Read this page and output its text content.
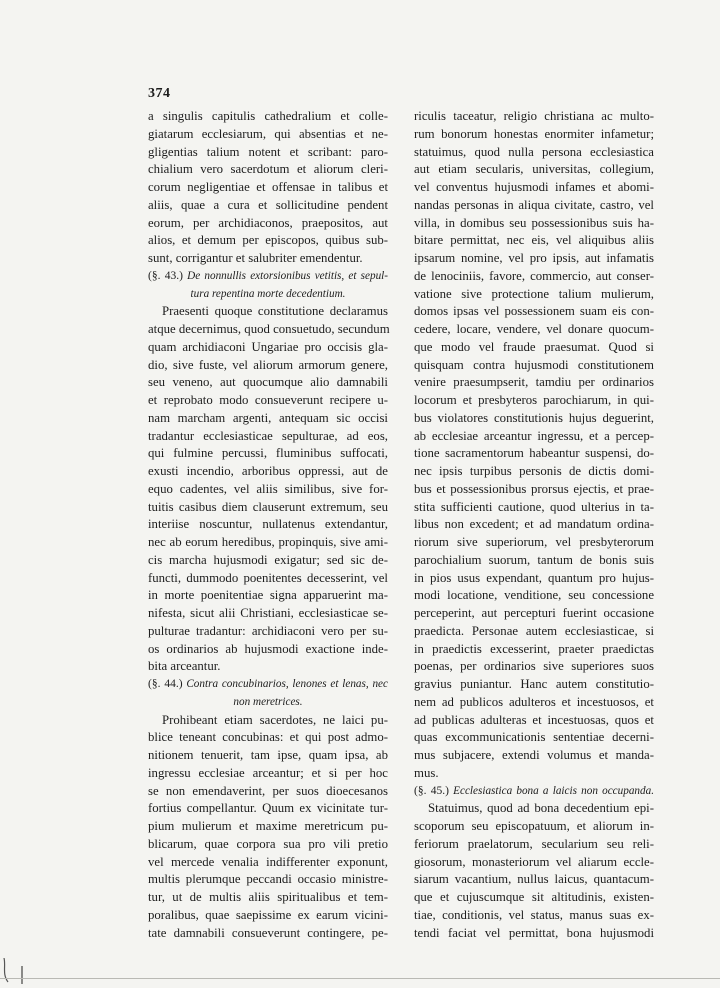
374
a singulis capitulis cathedralium et colle-
giatarum ecclesiarum, qui absentias et ne-
gligentias talium notent et scribant: paro-
chialium vero sacerdotum et aliorum cleri-
corum negligentiae et offensae in talibus et
aliis, quae a cura et sollicitudine pendent
eorum, per archidiaconos, praepositos, aut
alios, et demum per episcopos, quibus sub-
sunt, corrigantur et salubriter emendentur.
(§. 43.) De nonnullis extorsionibus vetitis, et sepul-
tura repentina morte decedentium.
Praesenti quoque constitutione declaramus
atque decernimus, quod consuetudo, secundum
quam archidiaconi Ungariae pro occisis gla-
dio, sive fuste, vel aliorum armorum genere,
seu veneno, aut quocumque alio damnabili
et reprobato modo consueverunt recipere u-
nam marcham argenti, antequam sic occisi
tradantur ecclesiasticae sepulturae, ad eos,
qui fulmine percussi, fluminibus suffocati,
exusti incendio, arboribus oppressi, aut de
equo cadentes, vel aliis similibus, sive for-
tuitis casibus diem clauserunt extremum, seu
interiise noscuntur, nullatenus extendantur,
nec ab eorum heredibus, propinquis, sive ami-
cis marcha hujusmodi exigatur; sed sic de-
functi, dummodo poenitentes decesserint, vel
in morte poenitentiae signa apparuerint ma-
nifesta, sicut alii Christiani, ecclesiasticae se-
pulturae tradantur: archidiaconi vero per su-
os ordinarios ab hujusmodi exactione inde-
bita arceantur.
(§. 44.) Contra concubinarios, lenones et lenas, nec
non meretrices.
Prohibeant etiam sacerdotes, ne laici pu-
blice teneant concubinas: et qui post admo-
nitionem tenuerit, tam ipse, quam ipsa, ab
ingressu ecclesiae arceantur; et si per hoc
se non emendaverint, per suos dioecesanos
fortius compellantur. Quum ex vicinitate tur-
pium mulierum et maxime meretricum pu-
blicarum, quae corpora sua pro vili pretio
vel mercede venalia indifferenter exponunt,
multis plerumque peccandi occasio ministre-
tur, ut de multis aliis spiritualibus et tem-
poralibus, quae saepissime ex earum vicini-
tate damnabili consueverunt contingere, pe-
riculis taceatur, religio christiana ac multo-
rum bonorum honestas enormiter infametur;
statuimus, quod nulla persona ecclesiastica
aut etiam secularis, universitas, collegium,
vel conventus hujusmodi infames et abomi-
nandas personas in aliqua civitate, castro, vel
villa, in domibus seu possessionibus suis ha-
bitare permittat, nec eis, vel aliquibus aliis
ipsarum nomine, vel pro ipsis, aut infamatis
de lenociniis, favore, commercio, aut conser-
vatione sive protectione talium mulierum,
domos ipsas vel possessionem suam eis con-
cedere, locare, vendere, vel donare quocum-
que modo vel fraude praesumat. Quod si
quisquam contra hujusmodi constitutionem
venire praesumpserit, tamdiu per ordinarios
locorum et presbyteros parochiarum, in qui-
bus violatores constitutionis hujus deguerint,
ab ecclesiae arceantur ingressu, et a percep-
tione sacramentorum habeantur suspensi, do-
nec ipsis turpibus personis de dictis domi-
bus et possessionibus prorsus ejectis, et prae-
stita sufficienti cautione, quod ulterius in ta-
libus non excedent; et ad mandatum ordina-
riorum sive superiorum, vel presbyterorum
parochialium suorum, tantum de bonis suis
in pios usus expendant, quantum pro hujus-
modi locatione, venditione, seu concessione
perceperint, aut percepturi fuerint occasione
praedicta. Personae autem ecclesiasticae, si
in praedictis excesserint, praeter praedictas
poenas, per ordinarios sive superiores suos
gravius puniantur. Hanc autem constitutio-
nem ad publicos adulteros et incestuosos, et
ad publicas adulteras et incestuosas, quos et
quas excommunicationis sententiae decerni-
mus subjacere, extendi volumus et manda-
mus.
(§. 45.) Ecclesiastica bona a laicis non occupanda.
Statuimus, quod ad bona decedentium epi-
scoporum seu episcopatuum, et aliorum in-
feriorum praelatorum, secularium seu reli-
giosorum, monasteriorum vel aliarum eccle-
siarum vacantium, nullus laicus, quantacum-
que et cujuscumque sit altitudinis, existen-
tiae, conditionis, vel status, manus suas ex-
tendi faciat vel permittat, bona hujusmodi
